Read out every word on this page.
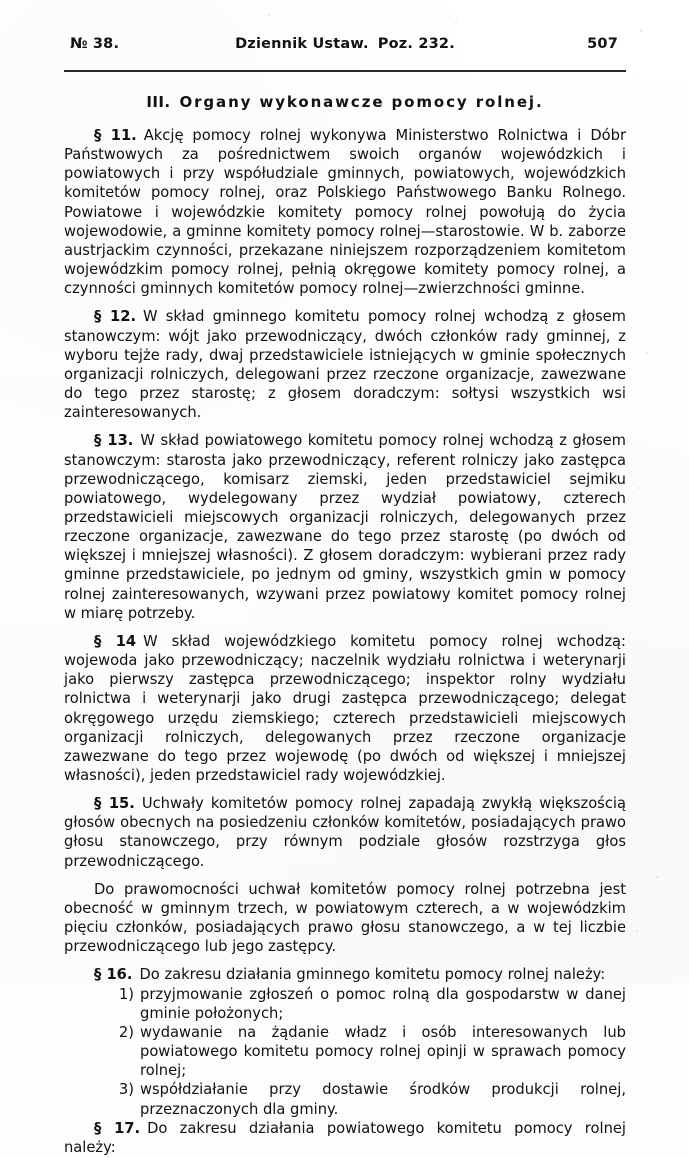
№ 38.	Dziennik Ustaw. Poz. 232.	507
III. Organy wykonawcze pomocy rolnej.

§ 11. Akcję pomocy rolnej wykonywa Ministerstwo Rolnictwa i Dóbr Państwowych za pośrednictwem swoich organów wojewódzkich i powiatowych i przy współudziale gminnych, powiatowych, wojewódzkich komitetów pomocy rolnej, oraz Polskiego Państwowego Banku Rolnego. Powiatowe i wojewódzkie komitety pomocy rolnej powołują do życia wojewodowie, a gminne komitety pomocy rolnej—starostowie. W b. zaborze austrjackim czynności, przekazane niniejszem rozporządzeniem komitetom wojewódzkim pomocy rolnej, pełnią okręgowe komitety pomocy rolnej, a czynności gminnych komitetów pomocy rolnej—zwierzchności gminne.

§ 12. W skład gminnego komitetu pomocy rolnej wchodzą z głosem stanowczym: wójt jako przewodniczący, dwóch członków rady gminnej, z wyboru tejże rady, dwaj przedstawiciele istniejących w gminie społecznych organizacji rolniczych, delegowani przez rzeczone organizacje, zawezwane do tego przez starostę; z głosem doradczym: sołtysi wszystkich wsi zainteresowanych.

§ 13. W skład powiatowego komitetu pomocy rolnej wchodzą z głosem stanowczym: starosta jako przewodniczący, referent rolniczy jako zastępca przewodniczącego, komisarz ziemski, jeden przedstawiciel sejmiku powiatowego, wydelegowany przez wydział powiatowy, czterech przedstawicieli miejscowych organizacji rolniczych, delegowanych przez rzeczone organizacje, zawezwane do tego przez starostę (po dwóch od większej i mniejszej własności). Z głosem doradczym: wybierani przez rady gminne przedstawiciele, po jednym od gminy, wszystkich gmin w pomocy rolnej zainteresowanych, wzywani przez powiatowy komitet pomocy rolnej w miarę potrzeby.

§ 14 W skład wojewódzkiego komitetu pomocy rolnej wchodzą: wojewoda jako przewodniczący; naczelnik wydziału rolnictwa i weterynarji jako pierwszy zastępca przewodniczącego; inspektor rolny wydziału rolnictwa i weterynarji jako drugi zastępca przewodniczącego; delegat okręgowego urzędu ziemskiego; czterech przedstawicieli miejscowych organizacji rolniczych, delegowanych przez rzeczone organizacje zawezwane do tego przez wojewodę (po dwóch od większej i mniejszej własności), jeden przedstawiciel rady wojewódzkiej.

§ 15. Uchwały komitetów pomocy rolnej zapadają zwykłą większością głosów obecnych na posiedzeniu członków komitetów, posiadających prawo głosu stanowczego, przy równym podziale głosów rozstrzyga głos przewodniczącego.

Do prawomocności uchwał komitetów pomocy rolnej potrzebna jest obecność w gminnym trzech, w powiatowym czterech, a w wojewódzkim pięciu członków, posiadających prawo głosu stanowczego, a w tej liczbie przewodniczącego lub jego zastępcy.

§ 16. Do zakresu działania gminnego komitetu pomocy rolnej należy:

1) przyjmowanie zgłoszeń o pomoc rolną dla gospodarstw w danej gminie położonych;
2) wydawanie na żądanie władz i osób interesowanych lub powiatowego komitetu pomocy rolnej opinji w sprawach pomocy rolnej;
3) współdziałanie przy dostawie środków produkcji rolnej, przeznaczonych dla gminy.

§ 17. Do zakresu działania powiatowego komitetu pomocy rolnej należy:
